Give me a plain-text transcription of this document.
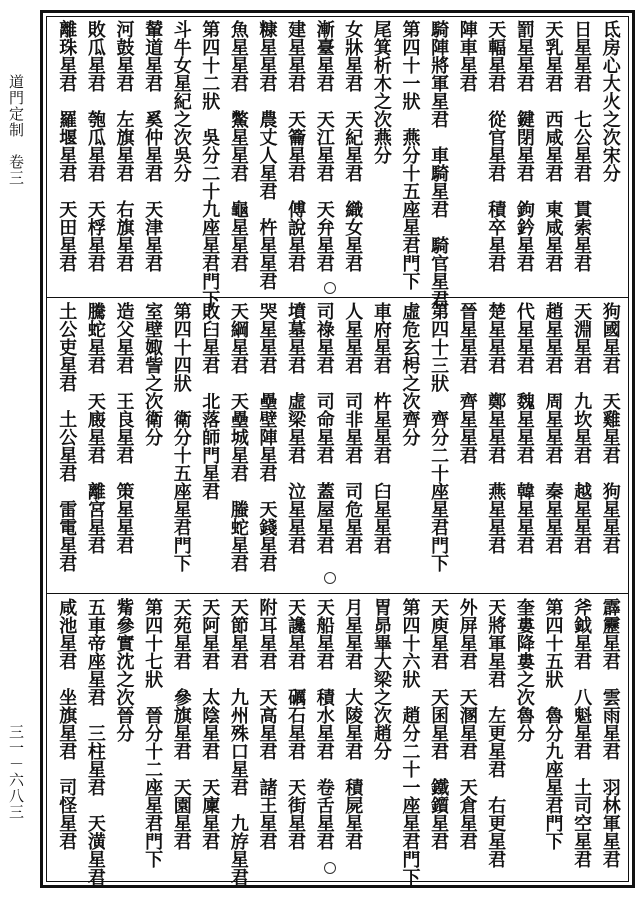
道門定制　卷三
三一－六八三
氐房心大火之次宋分
日星星君　七公星君　貫索星君
天乳星君　西咸星君　東咸星君
罰星星君　鍵閉星君　鉤鈐星君
天輻星君　從官星君　積卒星君
陣車星君
騎陣將軍星君　車騎星君　騎官星君
第四十一狀　燕分十五座星君門下
尾箕析木之次燕分
女牀星君　天紀星君　織女星君
漸臺星君　天江星君　天弁星君
建星星君　天籥星君　傅說星君
糠星星君　農丈人星君　杵星星君
魚星星君　鱉星星君　龜星星君
第四十二狀　吳分二十九座星君門下
斗牛女星紀之次吳分
輦道星君　奚仲星君　天津星君
河鼓星君　左旗星君　右旗星君
敗瓜星君　匏瓜星君　天桴星君
離珠星君　羅堰星君　天田星君
狗國星君　天雞星君　狗星星君
天淵星君　九坎星君　越星星君
趙星星君　周星星君　秦星星君
代星星君　魏星星君　韓星星君
楚星星君　鄭星星君　燕星星君
晉星星君　齊星星君
第四十三狀　齊分二十座星君門下
虛危玄枵之次齊分
車府星君　杵星星君　臼星星君
人星星君　司非星君　司危星君
司祿星君　司命星君　蓋屋星君
墳墓星君　虛梁星君　泣星星君
哭星星君　壘壁陣星君　天錢星君
天綱星君　天壘城星君　螣蛇星君
敗臼星君　北落師門星君
第四十四狀　衛分十五座星君門下
室壁娵訾之次衛分
造父星君　王良星君　策星星君
騰蛇星君　天廄星君　離宮星君
土公吏星君　土公星君　雷電星君
霹靂星君　雲雨星君　羽林軍星君
斧鉞星君　八魁星君　土司空星君
第四十五狀　魯分九座星君門下
奎婁降婁之次魯分
天將軍星君　左更星君　右更星君
外屏星君　天溷星君　天倉星君
天庾星君　天囷星君　鐵鑕星君
第四十六狀　趙分二十一座星君門下
胃昴畢大梁之次趙分
月星星君　大陵星君　積屍星君
天船星君　積水星君　卷舌星君
天讒星君　礪石星君　天街星君
附耳星君　天高星君　諸王星君
天節星君　九州殊口星君　九斿星君
天阿星君　太陰星君　天廩星君
天苑星君　參旗星君　天園星君
第四十七狀　晉分十二座星君門下
觜參實沈之次晉分
五車帝座星君　三柱星君　天潢星君
咸池星君　坐旗星君　司怪星君
